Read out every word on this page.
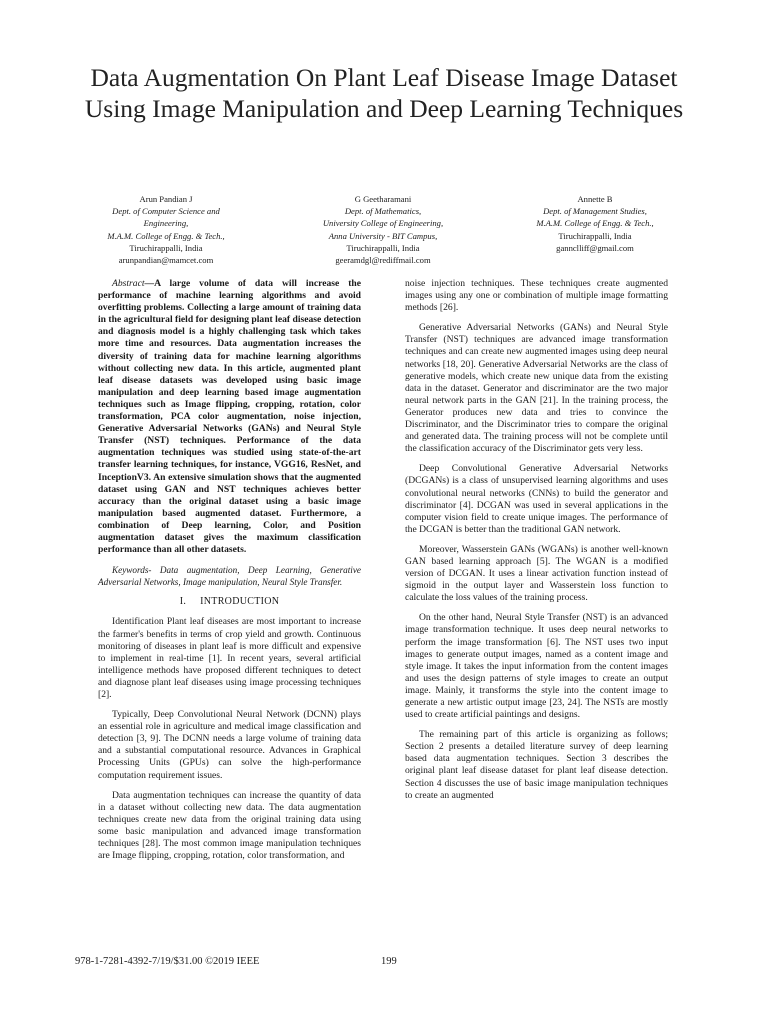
Data Augmentation On Plant Leaf Disease Image Dataset Using Image Manipulation and Deep Learning Techniques
Arun Pandian J
Dept. of Computer Science and
Engineering,
M.A.M. College of Engg. & Tech.,
Tiruchirappalli, India
arunpandian@mamcet.com
G Geetharamani
Dept. of Mathematics,
University College of Engineering,
Anna University - BIT Campus,
Tiruchirappalli, India
geeramdgl@rediffmail.com
Annette B
Dept. of Management Studies,
M.A.M. College of Engg. & Tech.,
Tiruchirappalli, India
gannclliff@gmail.com

Abstract—A large volume of data will increase the performance of machine learning algorithms and avoid overfitting problems. Collecting a large amount of training data in the agricultural field for designing plant leaf disease detection and diagnosis model is a highly challenging task which takes more time and resources. Data augmentation increases the diversity of training data for machine learning algorithms without collecting new data. In this article, augmented plant leaf disease datasets was developed using basic image manipulation and deep learning based image augmentation techniques such as Image flipping, cropping, rotation, color transformation, PCA color augmentation, noise injection, Generative Adversarial Networks (GANs) and Neural Style Transfer (NST) techniques. Performance of the data augmentation techniques was studied using state-of-the-art transfer learning techniques, for instance, VGG16, ResNet, and InceptionV3. An extensive simulation shows that the augmented dataset using GAN and NST techniques achieves better accuracy than the original dataset using a basic image manipulation based augmented dataset. Furthermore, a combination of Deep learning, Color, and Position augmentation dataset gives the maximum classification performance than all other datasets.

Keywords- Data augmentation, Deep Learning, Generative Adversarial Networks, Image manipulation, Neural Style Transfer.

I. INTRODUCTION

Identification Plant leaf diseases are most important to increase the farmer's benefits in terms of crop yield and growth. Continuous monitoring of diseases in plant leaf is more difficult and expensive to implement in real-time [1]. In recent years, several artificial intelligence methods have proposed different techniques to detect and diagnose plant leaf diseases using image processing techniques [2].

Typically, Deep Convolutional Neural Network (DCNN) plays an essential role in agriculture and medical image classification and detection [3, 9]. The DCNN needs a large volume of training data and a substantial computational resource. Advances in Graphical Processing Units (GPUs) can solve the high-performance computation requirement issues.

Data augmentation techniques can increase the quantity of data in a dataset without collecting new data. The data augmentation techniques create new data from the original training data using some basic manipulation and advanced image transformation techniques [28]. The most common image manipulation techniques are Image flipping, cropping, rotation, color transformation, and

noise injection techniques. These techniques create augmented images using any one or combination of multiple image formatting methods [26].

Generative Adversarial Networks (GANs) and Neural Style Transfer (NST) techniques are advanced image transformation techniques and can create new augmented images using deep neural networks [18, 20]. Generative Adversarial Networks are the class of generative models, which create new unique data from the existing data in the dataset. Generator and discriminator are the two major neural network parts in the GAN [21]. In the training process, the Generator produces new data and tries to convince the Discriminator, and the Discriminator tries to compare the original and generated data. The training process will not be complete until the classification accuracy of the Discriminator gets very less.

Deep Convolutional Generative Adversarial Networks (DCGANs) is a class of unsupervised learning algorithms and uses convolutional neural networks (CNNs) to build the generator and discriminator [4]. DCGAN was used in several applications in the computer vision field to create unique images. The performance of the DCGAN is better than the traditional GAN network.

Moreover, Wasserstein GANs (WGANs) is another well-known GAN based learning approach [5]. The WGAN is a modified version of DCGAN. It uses a linear activation function instead of sigmoid in the output layer and Wasserstein loss function to calculate the loss values of the training process.

On the other hand, Neural Style Transfer (NST) is an advanced image transformation technique. It uses deep neural networks to perform the image transformation [6]. The NST uses two input images to generate output images, named as a content image and style image. It takes the input information from the content images and uses the design patterns of style images to create an output image. Mainly, it transforms the style into the content image to generate a new artistic output image [23, 24]. The NSTs are mostly used to create artificial paintings and designs.

The remaining part of this article is organizing as follows; Section 2 presents a detailed literature survey of deep learning based data augmentation techniques. Section 3 describes the original plant leaf disease dataset for plant leaf disease detection. Section 4 discusses the use of basic image manipulation techniques to create an augmented

978-1-7281-4392-7/19/$31.00 ©2019 IEEE	199
